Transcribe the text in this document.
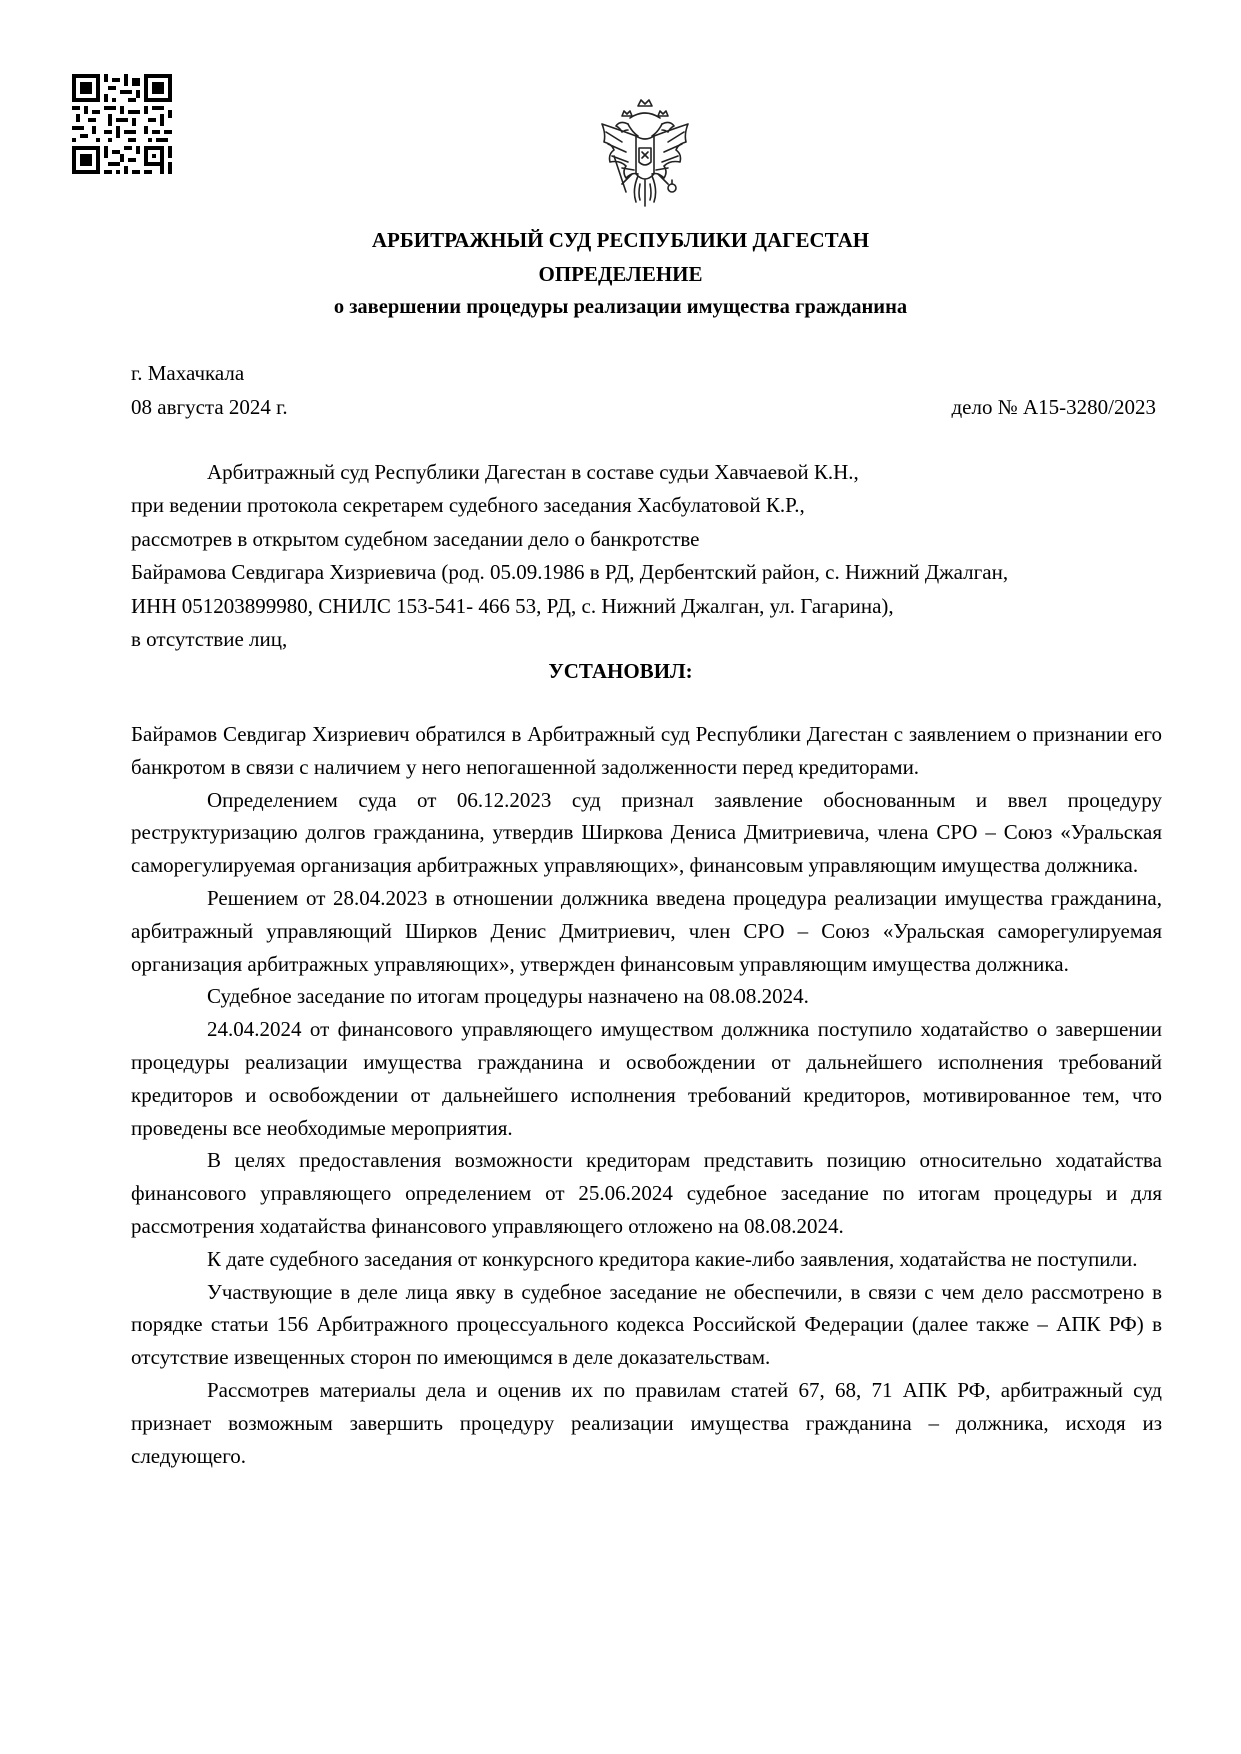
АРБИТРАЖНЫЙ СУД РЕСПУБЛИКИ ДАГЕСТАН
ОПРЕДЕЛЕНИЕ
о завершении процедуры реализации имущества гражданина
г. Махачкала
08 августа 2024 г.	дело № А15-3280/2023
Арбитражный суд Республики Дагестан в составе судьи Хавчаевой К.Н.,
при ведении протокола секретарем судебного заседания Хасбулатовой К.Р.,
рассмотрев в открытом судебном заседании дело о банкротстве
Байрамова Севдигара Хизриевича (род. 05.09.1986 в РД, Дербентский район, с. Нижний Джалган,
ИНН 051203899980, СНИЛС 153-541- 466 53, РД, с. Нижний Джалган, ул. Гагарина),
в отсутствие лиц,
УСТАНОВИЛ:

Байрамов Севдигар Хизриевич обратился в Арбитражный суд Республики Дагестан с заявлением о признании его банкротом в связи с наличием у него непогашенной задолженности перед кредиторами.

Определением суда от 06.12.2023 суд признал заявление обоснованным и ввел процедуру реструктуризацию долгов гражданина, утвердив Ширкова Дениса Дмитриевича, члена СРО – Союз «Уральская саморегулируемая организация арбитражных управляющих», финансовым управляющим имущества должника.

Решением от 28.04.2023 в отношении должника введена процедура реализации имущества гражданина, арбитражный управляющий Ширков Денис Дмитриевич, член СРО – Союз «Уральская саморегулируемая организация арбитражных управляющих», утвержден финансовым управляющим имущества должника.

Судебное заседание по итогам процедуры назначено на 08.08.2024.

24.04.2024 от финансового управляющего имуществом должника поступило ходатайство о завершении процедуры реализации имущества гражданина и освобождении от дальнейшего исполнения требований кредиторов и освобождении от дальнейшего исполнения требований кредиторов, мотивированное тем, что проведены все необходимые мероприятия.

В целях предоставления возможности кредиторам представить позицию относительно ходатайства финансового управляющего определением от 25.06.2024 судебное заседание по итогам процедуры и для рассмотрения ходатайства финансового управляющего отложено на 08.08.2024.

К дате судебного заседания от конкурсного кредитора какие-либо заявления, ходатайства не поступили.

Участвующие в деле лица явку в судебное заседание не обеспечили, в связи с чем дело рассмотрено в порядке статьи 156 Арбитражного процессуального кодекса Российской Федерации (далее также – АПК РФ) в отсутствие извещенных сторон по имеющимся в деле доказательствам.

Рассмотрев материалы дела и оценив их по правилам статей 67, 68, 71 АПК РФ, арбитражный суд признает возможным завершить процедуру реализации имущества гражданина – должника, исходя из следующего.
